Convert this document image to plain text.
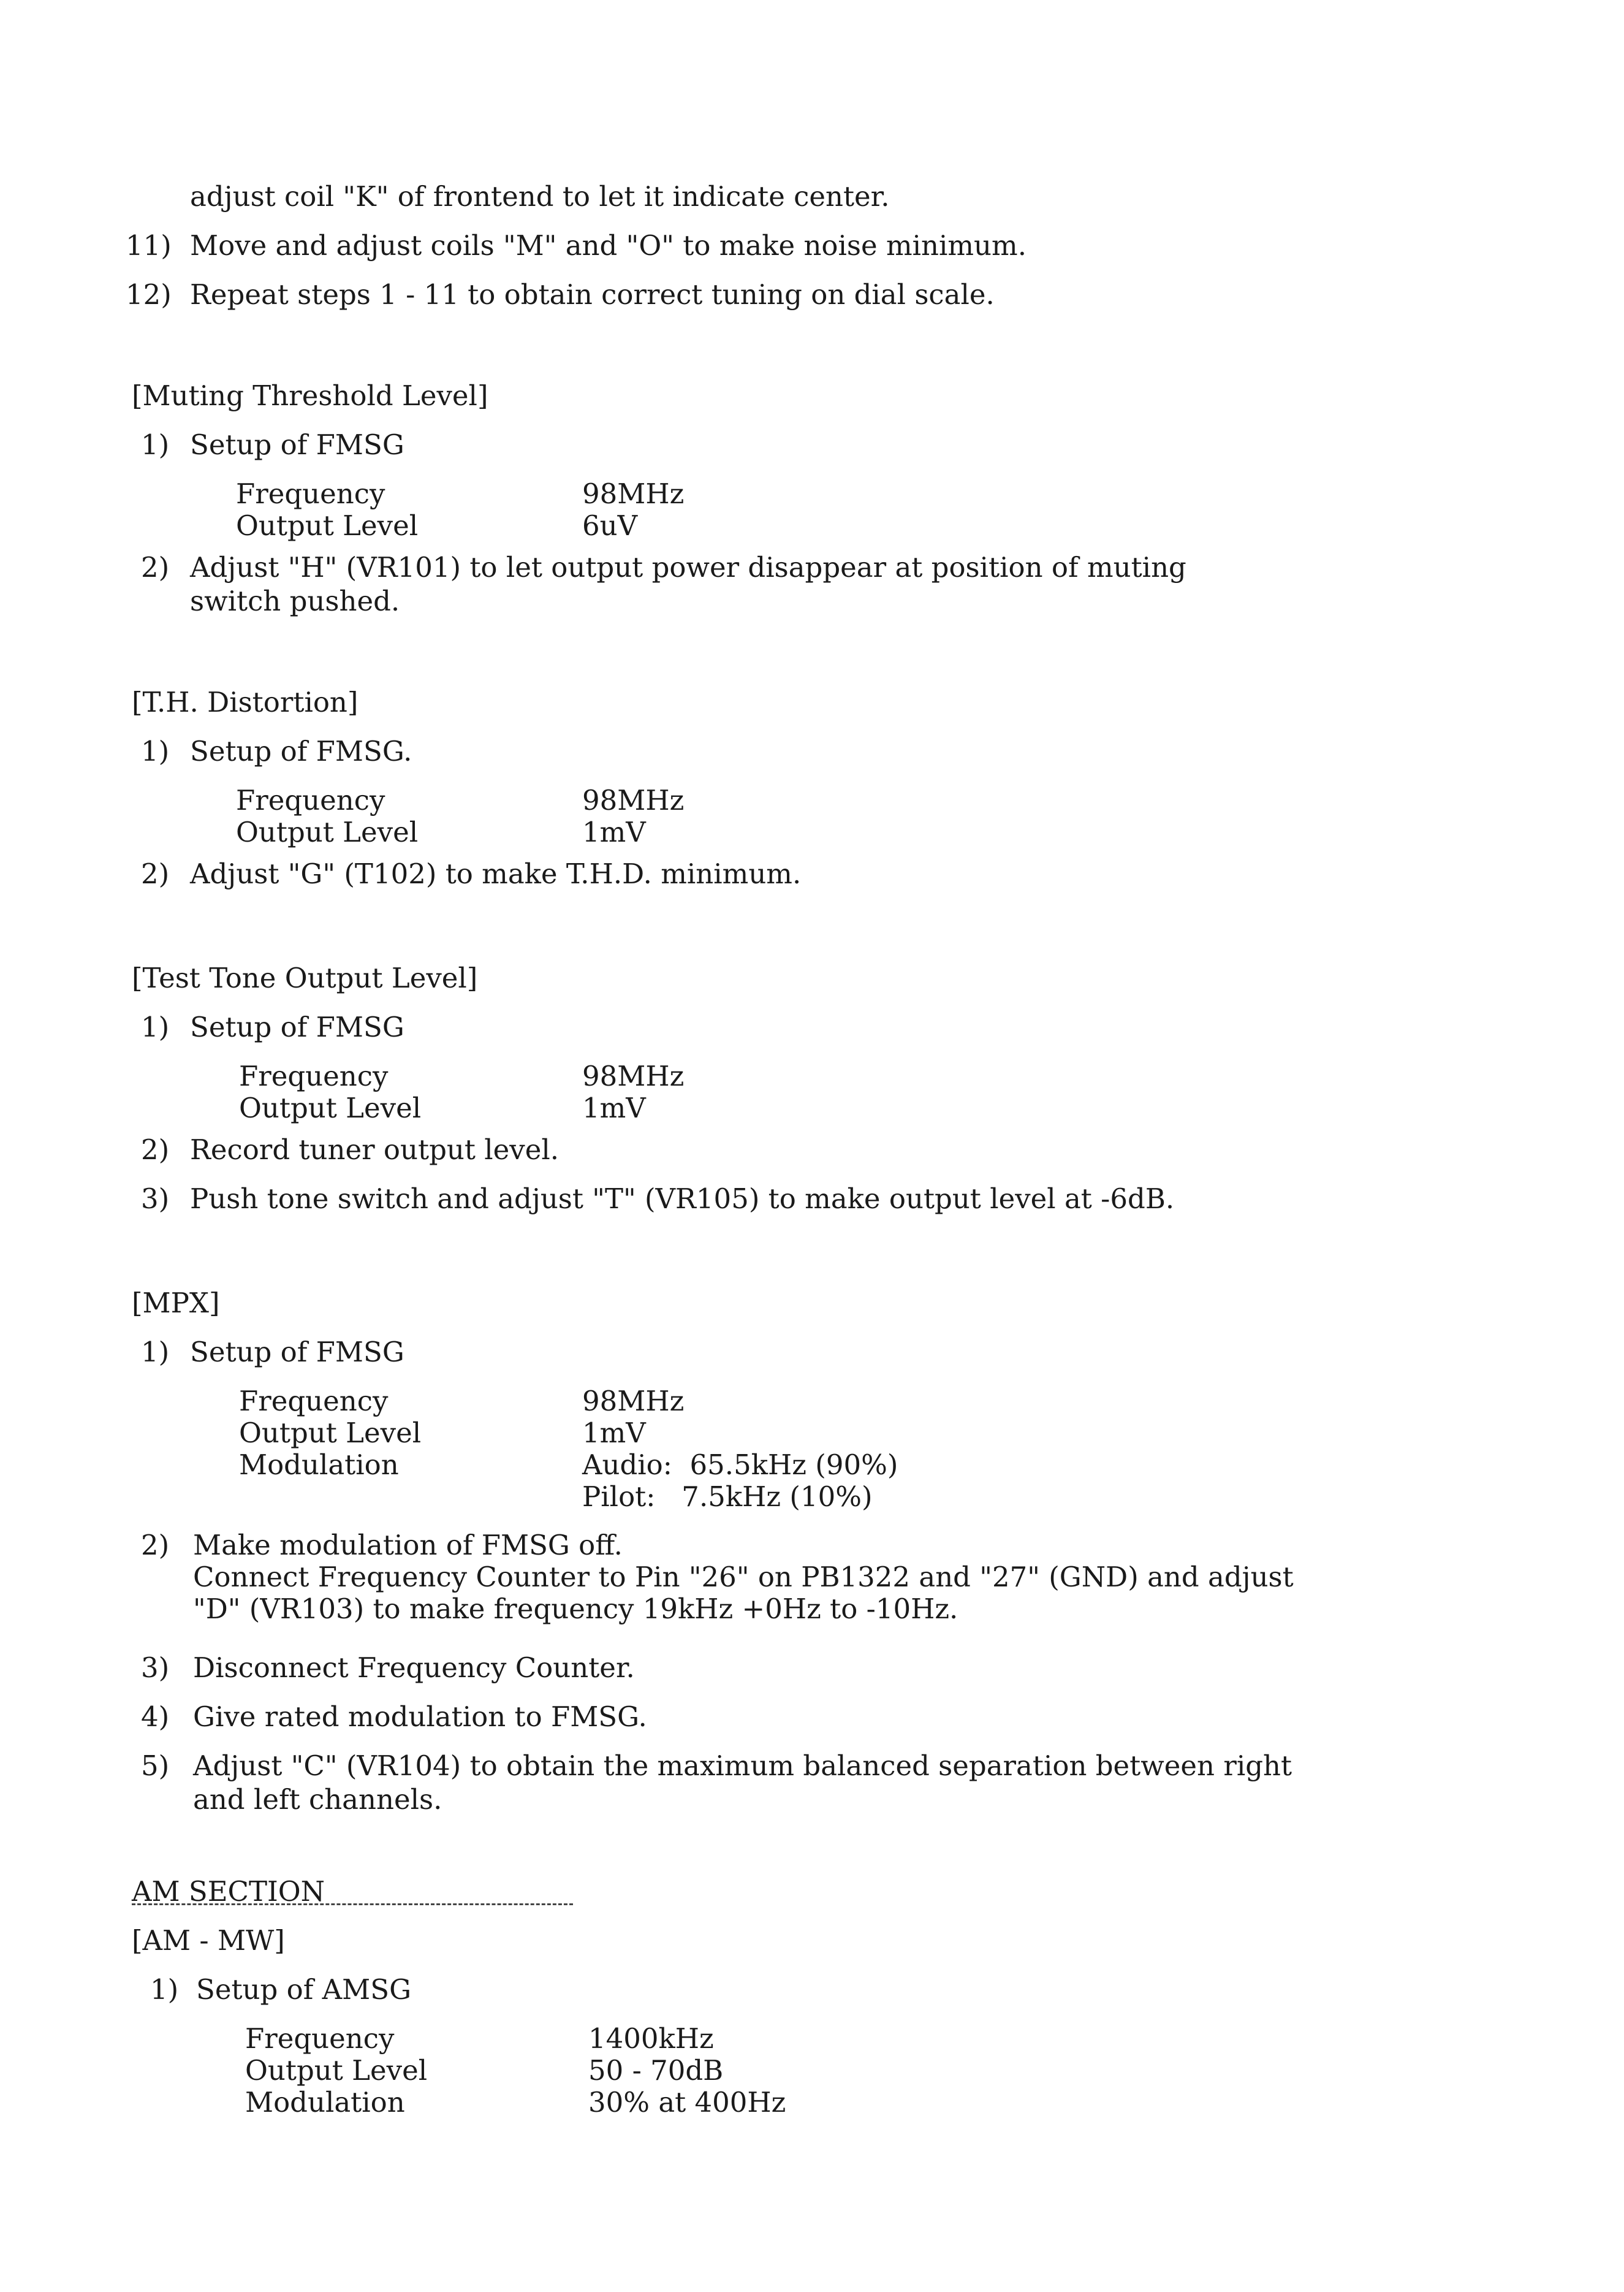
adjust coil "K" of frontend to let it indicate center.
11) Move and adjust coils "M" and "O" to make noise minimum.
12) Repeat steps 1 - 11 to obtain correct tuning on dial scale.
[Muting Threshold Level]
1) Setup of FMSG
Frequency	98MHz
Output Level	6uV
2) Adjust "H" (VR101) to let output power disappear at position of muting
switch pushed.
[T.H. Distortion]
1) Setup of FMSG.
Frequency	98MHz
Output Level	1mV
2) Adjust "G" (T102) to make T.H.D. minimum.
[Test Tone Output Level]
1) Setup of FMSG
Frequency	98MHz
Output Level	1mV
2) Record tuner output level.
3) Push tone switch and adjust "T" (VR105) to make output level at -6dB.
[MPX]
1) Setup of FMSG
Frequency	98MHz
Output Level	1mV
Modulation	Audio:  65.5kHz (90%)
Pilot:   7.5kHz (10%)
2) Make modulation of FMSG off.
Connect Frequency Counter to Pin "26" on PB1322 and "27" (GND) and adjust
"D" (VR103) to make frequency 19kHz +0Hz to -10Hz.
3) Disconnect Frequency Counter.
4) Give rated modulation to FMSG.
5) Adjust "C" (VR104) to obtain the maximum balanced separation between right
and left channels.
AM SECTION
[AM - MW]
1) Setup of AMSG
Frequency	1400kHz
Output Level	50 - 70dB
Modulation	30% at 400Hz
